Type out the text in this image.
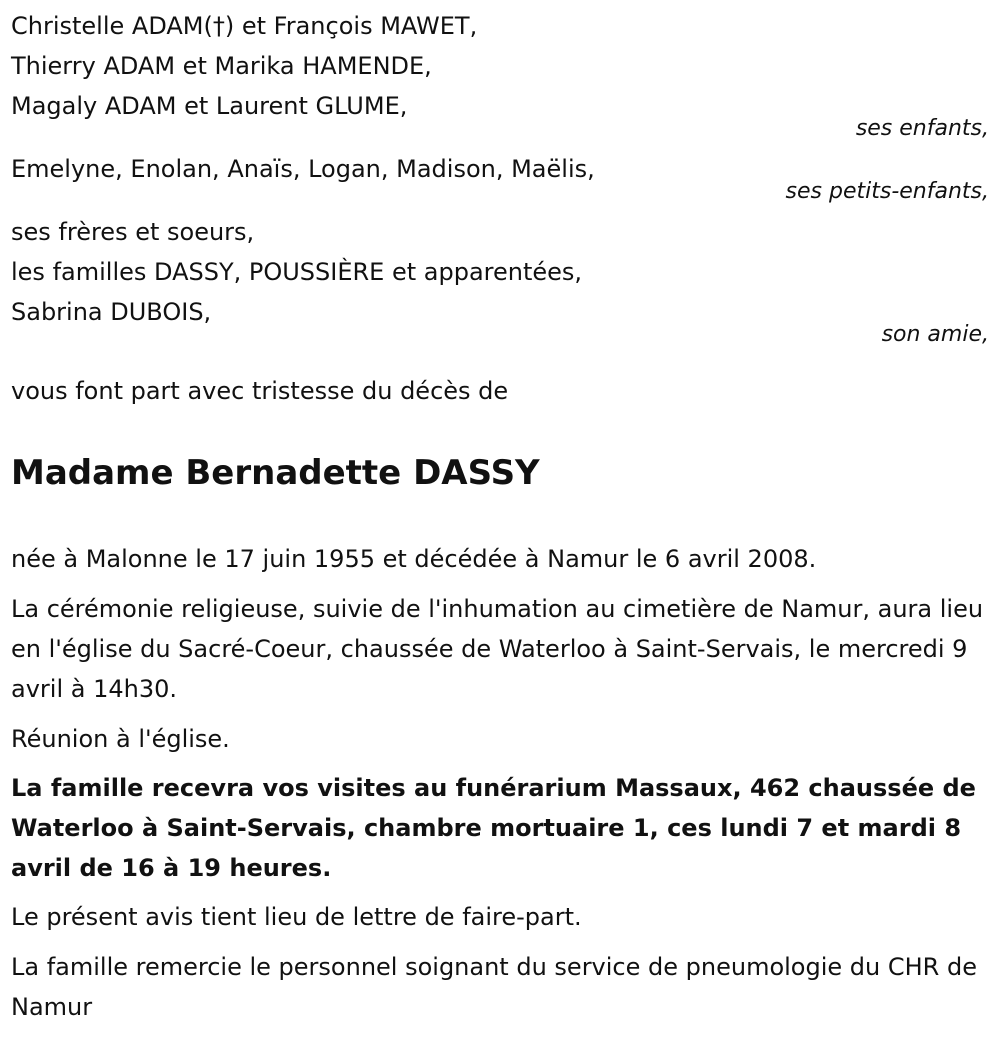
Christelle ADAM(†) et François MAWET,
Thierry ADAM et Marika HAMENDE,
Magaly ADAM et Laurent GLUME,
ses enfants,
Emelyne, Enolan, Anaïs, Logan, Madison, Maëlis,
ses petits-enfants,
ses frères et soeurs,
les familles DASSY, POUSSIÈRE et apparentées,
Sabrina DUBOIS,
son amie,
vous font part avec tristesse du décès de
Madame Bernadette DASSY
née à Malonne le 17 juin 1955 et décédée à Namur le 6 avril 2008.
La cérémonie religieuse, suivie de l'inhumation au cimetière de Namur, aura lieu en l'église du Sacré-Coeur, chaussée de Waterloo à Saint-Servais, le mercredi 9 avril à 14h30.
Réunion à l'église.
La famille recevra vos visites au funérarium Massaux, 462 chaussée de Waterloo à Saint-Servais, chambre mortuaire 1, ces lundi 7 et mardi 8 avril de 16 à 19 heures.
Le présent avis tient lieu de lettre de faire-part.
La famille remercie le personnel soignant du service de pneumologie du CHR de Namur
